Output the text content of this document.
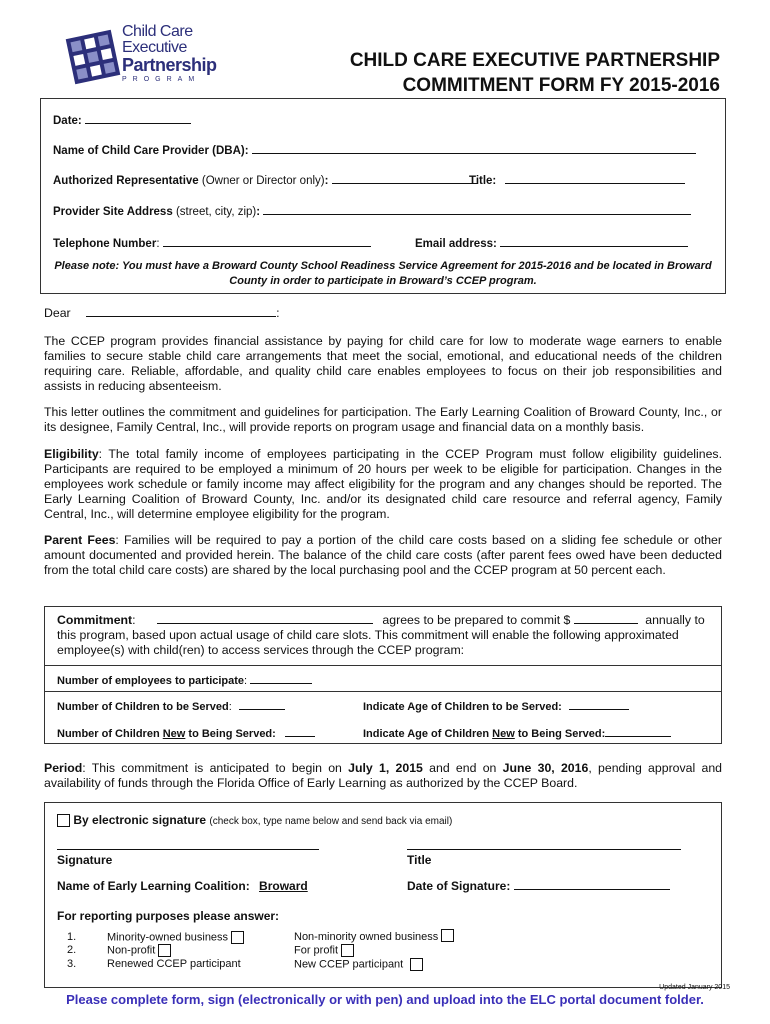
Child Care
Executive
Partnership
PROGRAM
CHILD CARE EXECUTIVE PARTNERSHIP
COMMITMENT FORM FY 2015-2016
Date:
Name of Child Care Provider (DBA):
Authorized Representative (Owner or Director only):	Title:
Provider Site Address (street, city, zip):
Telephone Number:	Email address:
Please note: You must have a Broward County School Readiness Service Agreement for 2015-2016 and be located in Broward County in order to participate in Broward’s CCEP program.
Dear	:

The CCEP program provides financial assistance by paying for child care for low to moderate wage earners to enable families to secure stable child care arrangements that meet the social, emotional, and educational needs of the children requiring care. Reliable, affordable, and quality child care enables employees to focus on their job responsibilities and assists in reducing absenteeism.

This letter outlines the commitment and guidelines for participation. The Early Learning Coalition of Broward County, Inc., or its designee, Family Central, Inc., will provide reports on program usage and financial data on a monthly basis.

Eligibility: The total family income of employees participating in the CCEP Program must follow eligibility guidelines. Participants are required to be employed a minimum of 20 hours per week to be eligible for participation. Changes in the employees work schedule or family income may affect eligibility for the program and any changes should be reported. The Early Learning Coalition of Broward County, Inc. and/or its designated child care resource and referral agency, Family Central, Inc., will determine employee eligibility for the program.

Parent Fees: Families will be required to pay a portion of the child care costs based on a sliding fee schedule or other amount documented and provided herein. The balance of the child care costs (after parent fees owed have been deducted from the total child care costs) are shared by the local purchasing pool and the CCEP program at 50 percent each.

Commitment:	agrees to be prepared to commit $	annually to
this program, based upon actual usage of child care slots. This commitment will enable the following approximated employee(s) with child(ren) to access services through the CCEP program:
Number of employees to participate:
Number of Children to be Served:	Indicate Age of Children to be Served:
Number of Children New to Being Served:	Indicate Age of Children New to Being Served:

Period: This commitment is anticipated to begin on July 1, 2015 and end on June 30, 2016, pending approval and availability of funds through the Florida Office of Early Learning as authorized by the CCEP Board.

By electronic signature (check box, type name below and send back via email)
Signature	Title
Name of Early Learning Coalition: Broward	Date of Signature:
For reporting purposes please answer:
1.	Minority-owned business	Non-minority owned business
2.	Non-profit	For profit
3.	Renewed CCEP participant	New CCEP participant
Updated January 2015
Please complete form, sign (electronically or with pen) and upload into the ELC portal document folder.
